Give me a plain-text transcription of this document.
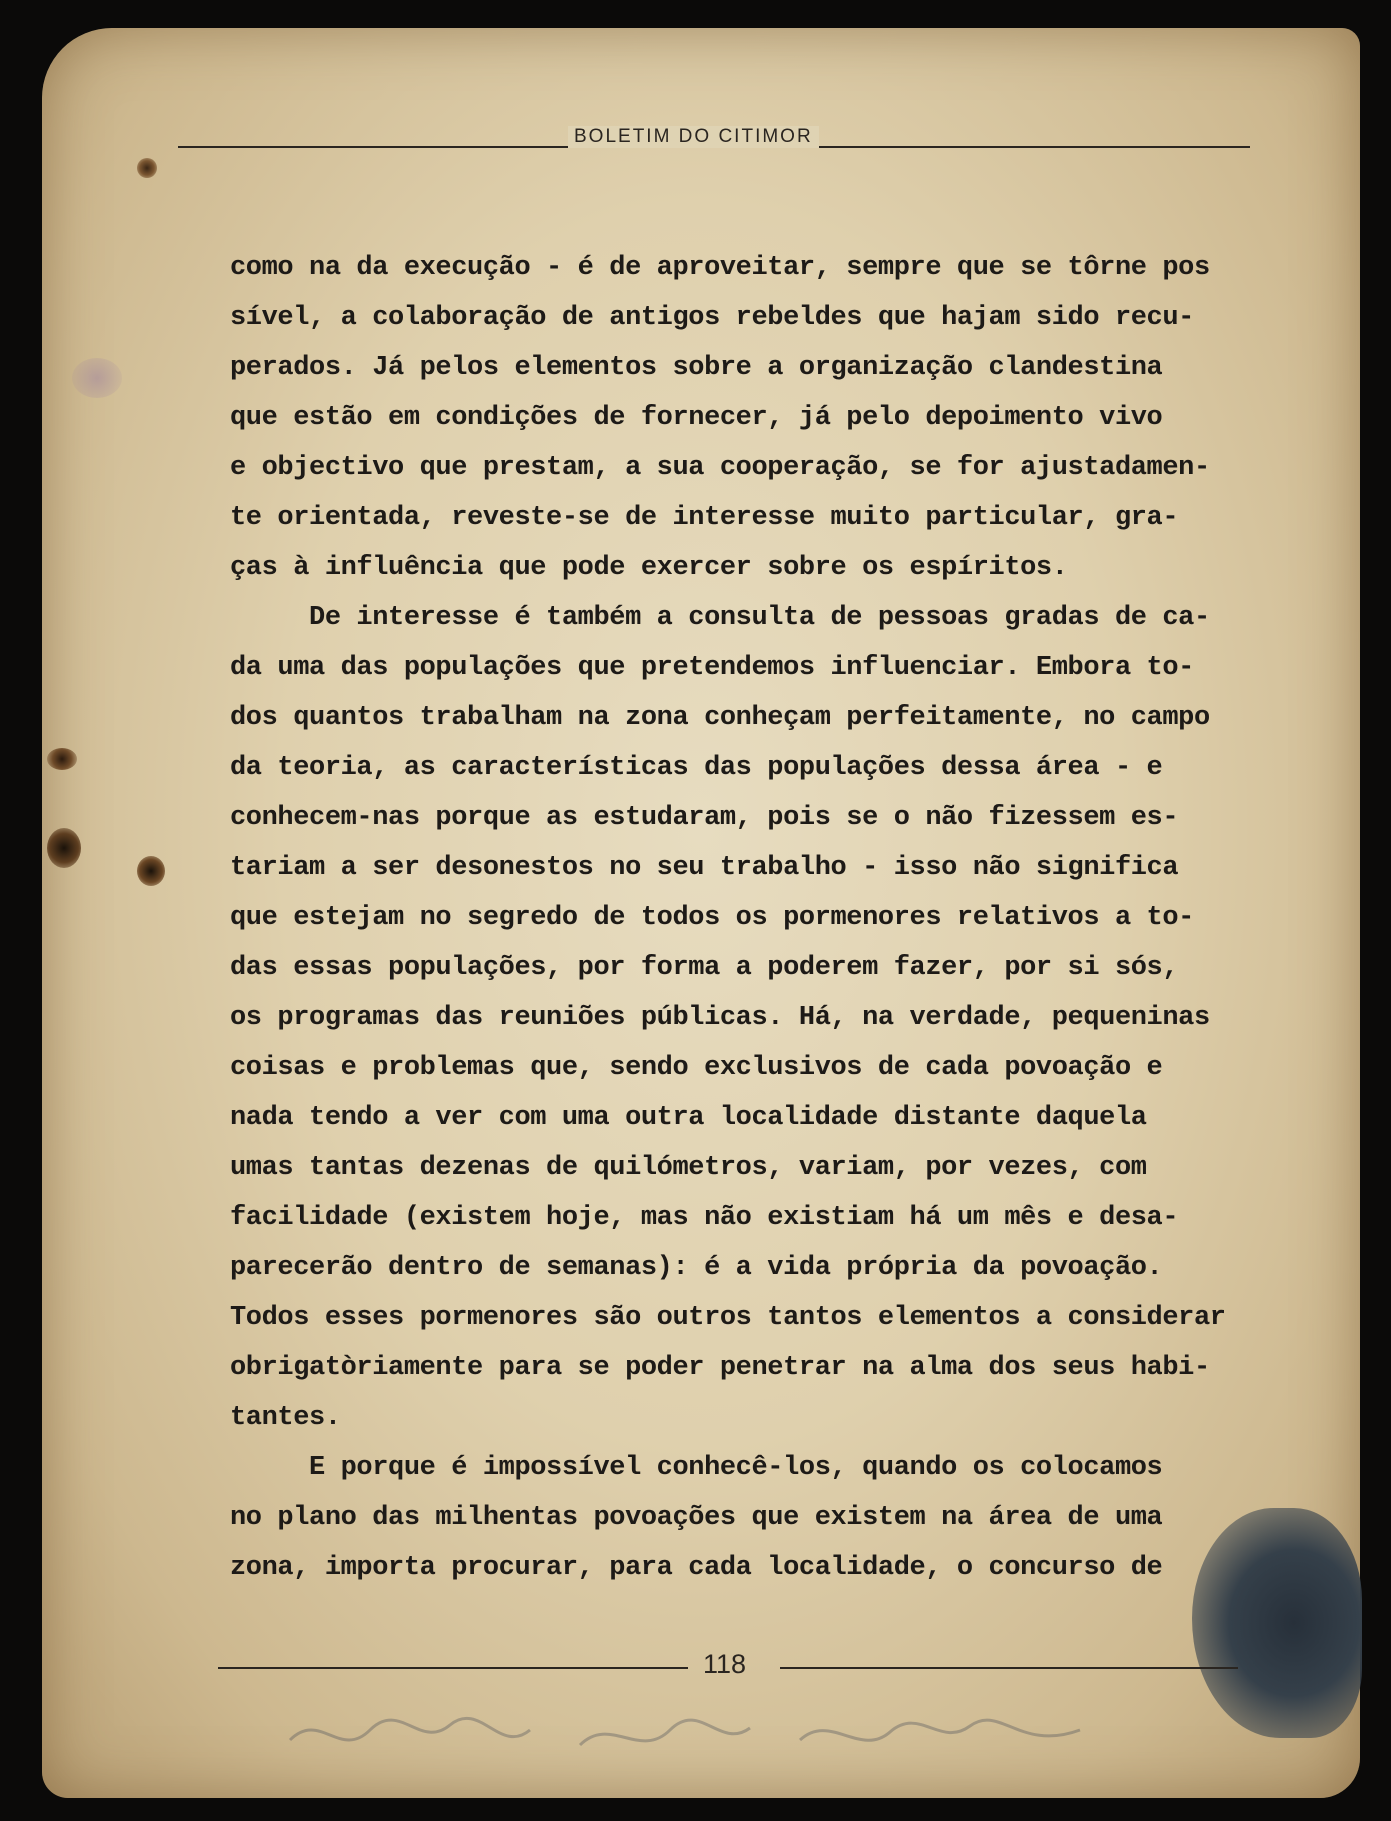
BOLETIM DO CITIMOR
como na da execução - é de aproveitar, sempre que se tôrne pos
sível, a colaboração de antigos rebeldes que hajam sido recu-
perados. Já pelos elementos sobre a organização clandestina
que estão em condições de fornecer, já pelo depoimento vivo
e objectivo que prestam, a sua cooperação, se for ajustadamen-
te orientada, reveste-se de interesse muito particular, gra-
ças à influência que pode exercer sobre os espíritos.
De interesse é também a consulta de pessoas gradas de ca-
da uma das populações que pretendemos influenciar. Embora to-
dos quantos trabalham na zona conheçam perfeitamente, no campo
da teoria, as características das populações dessa área - e
conhecem-nas porque as estudaram, pois se o não fizessem es-
tariam a ser desonestos no seu trabalho - isso não significa
que estejam no segredo de todos os pormenores relativos a to-
das essas populações, por forma a poderem fazer, por si sós,
os programas das reuniões públicas. Há, na verdade, pequeninas
coisas e problemas que, sendo exclusivos de cada povoação e
nada tendo a ver com uma outra localidade distante daquela
umas tantas dezenas de quilómetros, variam, por vezes, com
facilidade (existem hoje, mas não existiam há um mês e desa-
parecerão dentro de semanas): é a vida própria da povoação.
Todos esses pormenores são outros tantos elementos a considerar
obrigatòriamente para se poder penetrar na alma dos seus habi-
tantes.
E porque é impossível conhecê-los, quando os colocamos
no plano das milhentas povoações que existem na área de uma
zona, importa procurar, para cada localidade, o concurso de
118
